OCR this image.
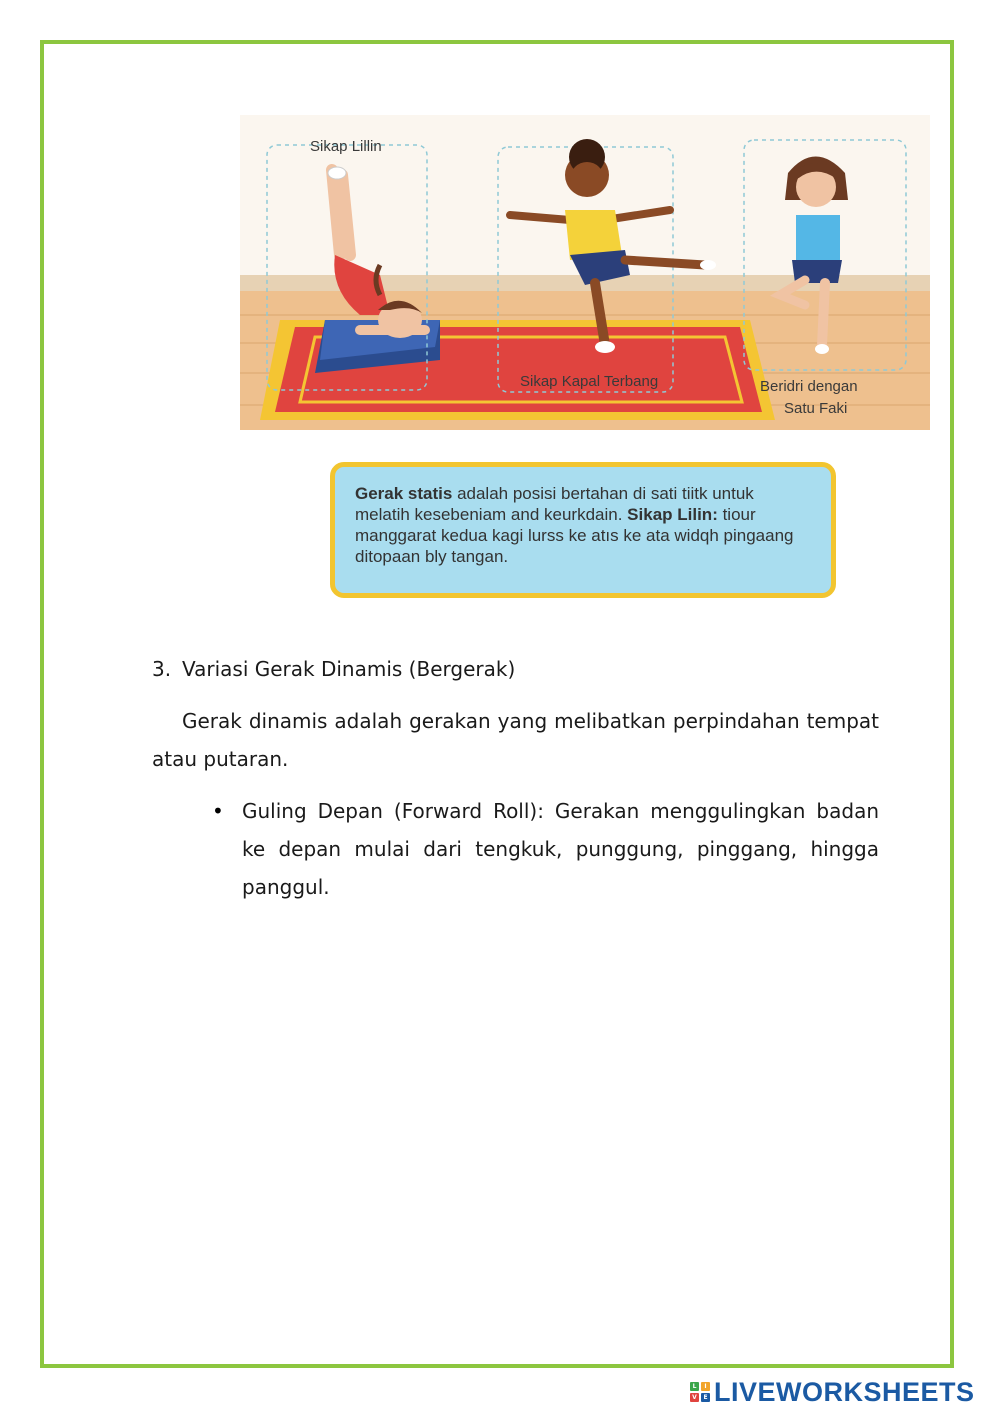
Sikap Lillin
Sikap Kapal Terbang	Beridri dengan
Satu Faki
Gerak statis adalah posisi bertahan di sati tiitk untuk melatih kesebeniam and keurkdain. Sikap Lilin: tiour manggarat kedua kagi lurss ke atıs ke ata widqh pingaang ditopaan bly tangan.
3. Variasi Gerak Dinamis (Bergerak)
Gerak dinamis adalah gerakan yang melibatkan perpindahan tempat atau putaran.
• Guling Depan (Forward Roll): Gerakan menggulingkan badan ke depan mulai dari tengkuk, punggung, pinggang, hingga panggul.
L	I
V	E LIVEWORKSHEETS
